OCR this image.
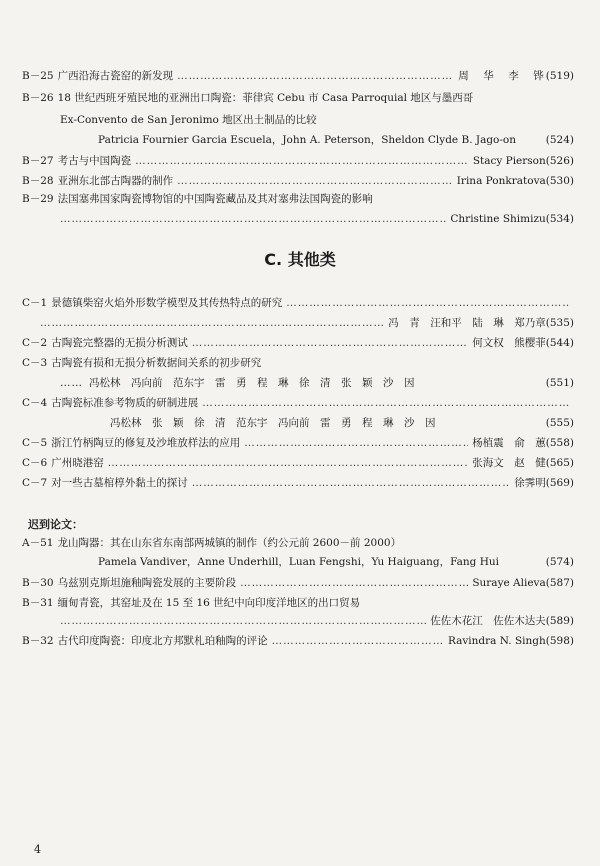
B－25 广西沿海古瓷窑的新发现 …………………………………………………………………………………………………………………………………………………………………………	周　华　李　铧 (519)
B－26 18 世纪西班牙殖民地的亚洲出口陶瓷：菲律宾 Cebu 市 Casa Parroquial 地区与墨西哥
Ex-Convento de San Jeronimo 地区出土制品的比较
Patricia Fournier Garcia Escuela，John A. Peterson，Sheldon Clyde B. Jago-on	(524)
B－27 考古与中国陶瓷 …………………………………………………………………………………………………………………………………………………………………………	Stacy Pierson (526)
B－28 亚洲东北部古陶器的制作 …………………………………………………………………………………………………………………………………………………………………………	Irina Ponkratova (530)
B－29 法国塞弗国家陶瓷博物馆的中国陶瓷藏品及其对塞弗法国陶瓷的影响
…………………………………………………………………………………………………………………………………………………………………………
Christine Shimizu (534)
C. 其他类
C－1 景德镇柴窑火焰外形数学模型及其传热特点的研究
…………………………………………………………………………………………………………………………………………………………………………
…………………………………………………………………………………………………………………………………………………………………………
冯　青　汪和平　陆　琳　郑乃章 (535)
C－2 古陶瓷完整器的无损分析测试 …………………………………………………………………………………………………………………………………………………………………………	何文权　熊樱菲 (544)
C－3 古陶瓷有损和无损分析数据间关系的初步研究
…… 冯松林　冯向前　范东宇　雷　勇　程　琳　徐　清　张　颖　沙　因	(551)
C－4 古陶瓷标准参考物质的研制进展
…………………………………………………………………………………………………………………………………………………………………………
冯松林　张　颖　徐　清　范东宇　冯向前　雷　勇　程　琳　沙　因	(555)
C－5 浙江竹柄陶豆的修复及沙堆放样法的应用 …………………………………………………………………………………………………………………………………………………………………………	杨植震　俞　蕙 (558)
C－6 广州晓港窑 …………………………………………………………………………………………………………………………………………………………………………	张海文　赵　健 (565)
C－7 对一些古墓棺椁外黏土的探讨 …………………………………………………………………………………………………………………………………………………………………………	徐霁明 (569)
迟到论文：
A－51 龙山陶器：其在山东省东南部两城镇的制作（约公元前 2600－前 2000）
Pamela Vandiver，Anne Underhill，Luan Fengshi，Yu Haiguang，Fang Hui	(574)
B－30 乌兹别克斯坦施釉陶瓷发展的主要阶段 …………………………………………………………………………………………………………………………………………………………………………	Suraye Alieva (587)
B－31 缅甸青瓷，其窑址及在 15 至 16 世纪中向印度洋地区的出口贸易
…………………………………………………………………………………………………………………………………………………………………………
佐佐木花江　佐佐木达夫 (589)
B－32 古代印度陶瓷：印度北方邦默札珀釉陶的评论 …………………………………………………………………………………………………………………………………………………………………………	Ravindra N. Singh (598)
4
